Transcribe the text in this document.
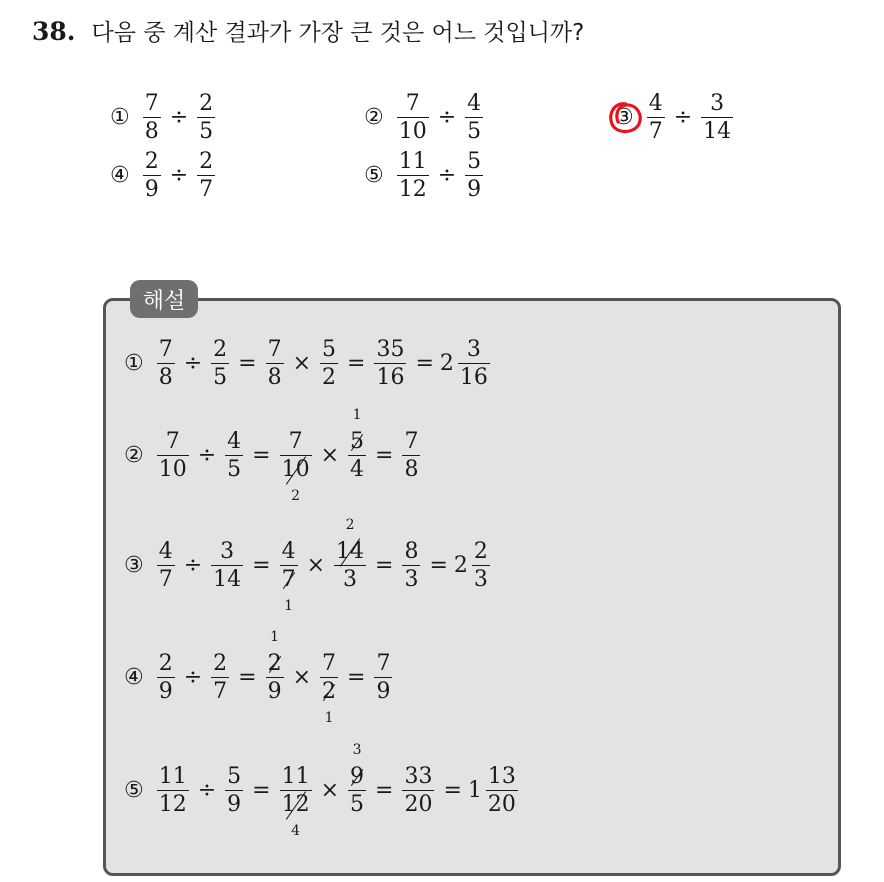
38. 다음 중 계산 결과가 가장 큰 것은 어느 것입니까?
① $\frac{7}{8} \div \frac{2}{5}$	② $\frac{7}{10} \div \frac{4}{5}$	③ $\frac{4}{7} \div \frac{3}{14}$
④ $\frac{2}{9} \div \frac{2}{7}$	⑤ $\frac{11}{12} \div \frac{5}{9}$
해설
① $\frac{7}{8} \div \frac{2}{5} = \frac{7}{8} \times \frac{5}{2} = \frac{35}{16} = 2 \frac{3}{16}$
② $\frac{7}{10} \div \frac{4}{5} = 7$
10
2 × 1
5
$4 = \frac{7}{8}$
③ $\frac{4}{7} \div \frac{3}{14} = 4$
7
1 × 2
14
$3 = \frac{8}{3} = 2 \frac{2}{3}$
④ $\frac{2}{9} \div \frac{2}{7} = 1$
2
9 × 7
2
$1 = \frac{7}{9}$
⑤ $\frac{11}{12} \div \frac{5}{9} = 11$
12
4 × 3
9
$5 = \frac{33}{20} = 1 \frac{13}{20}$
